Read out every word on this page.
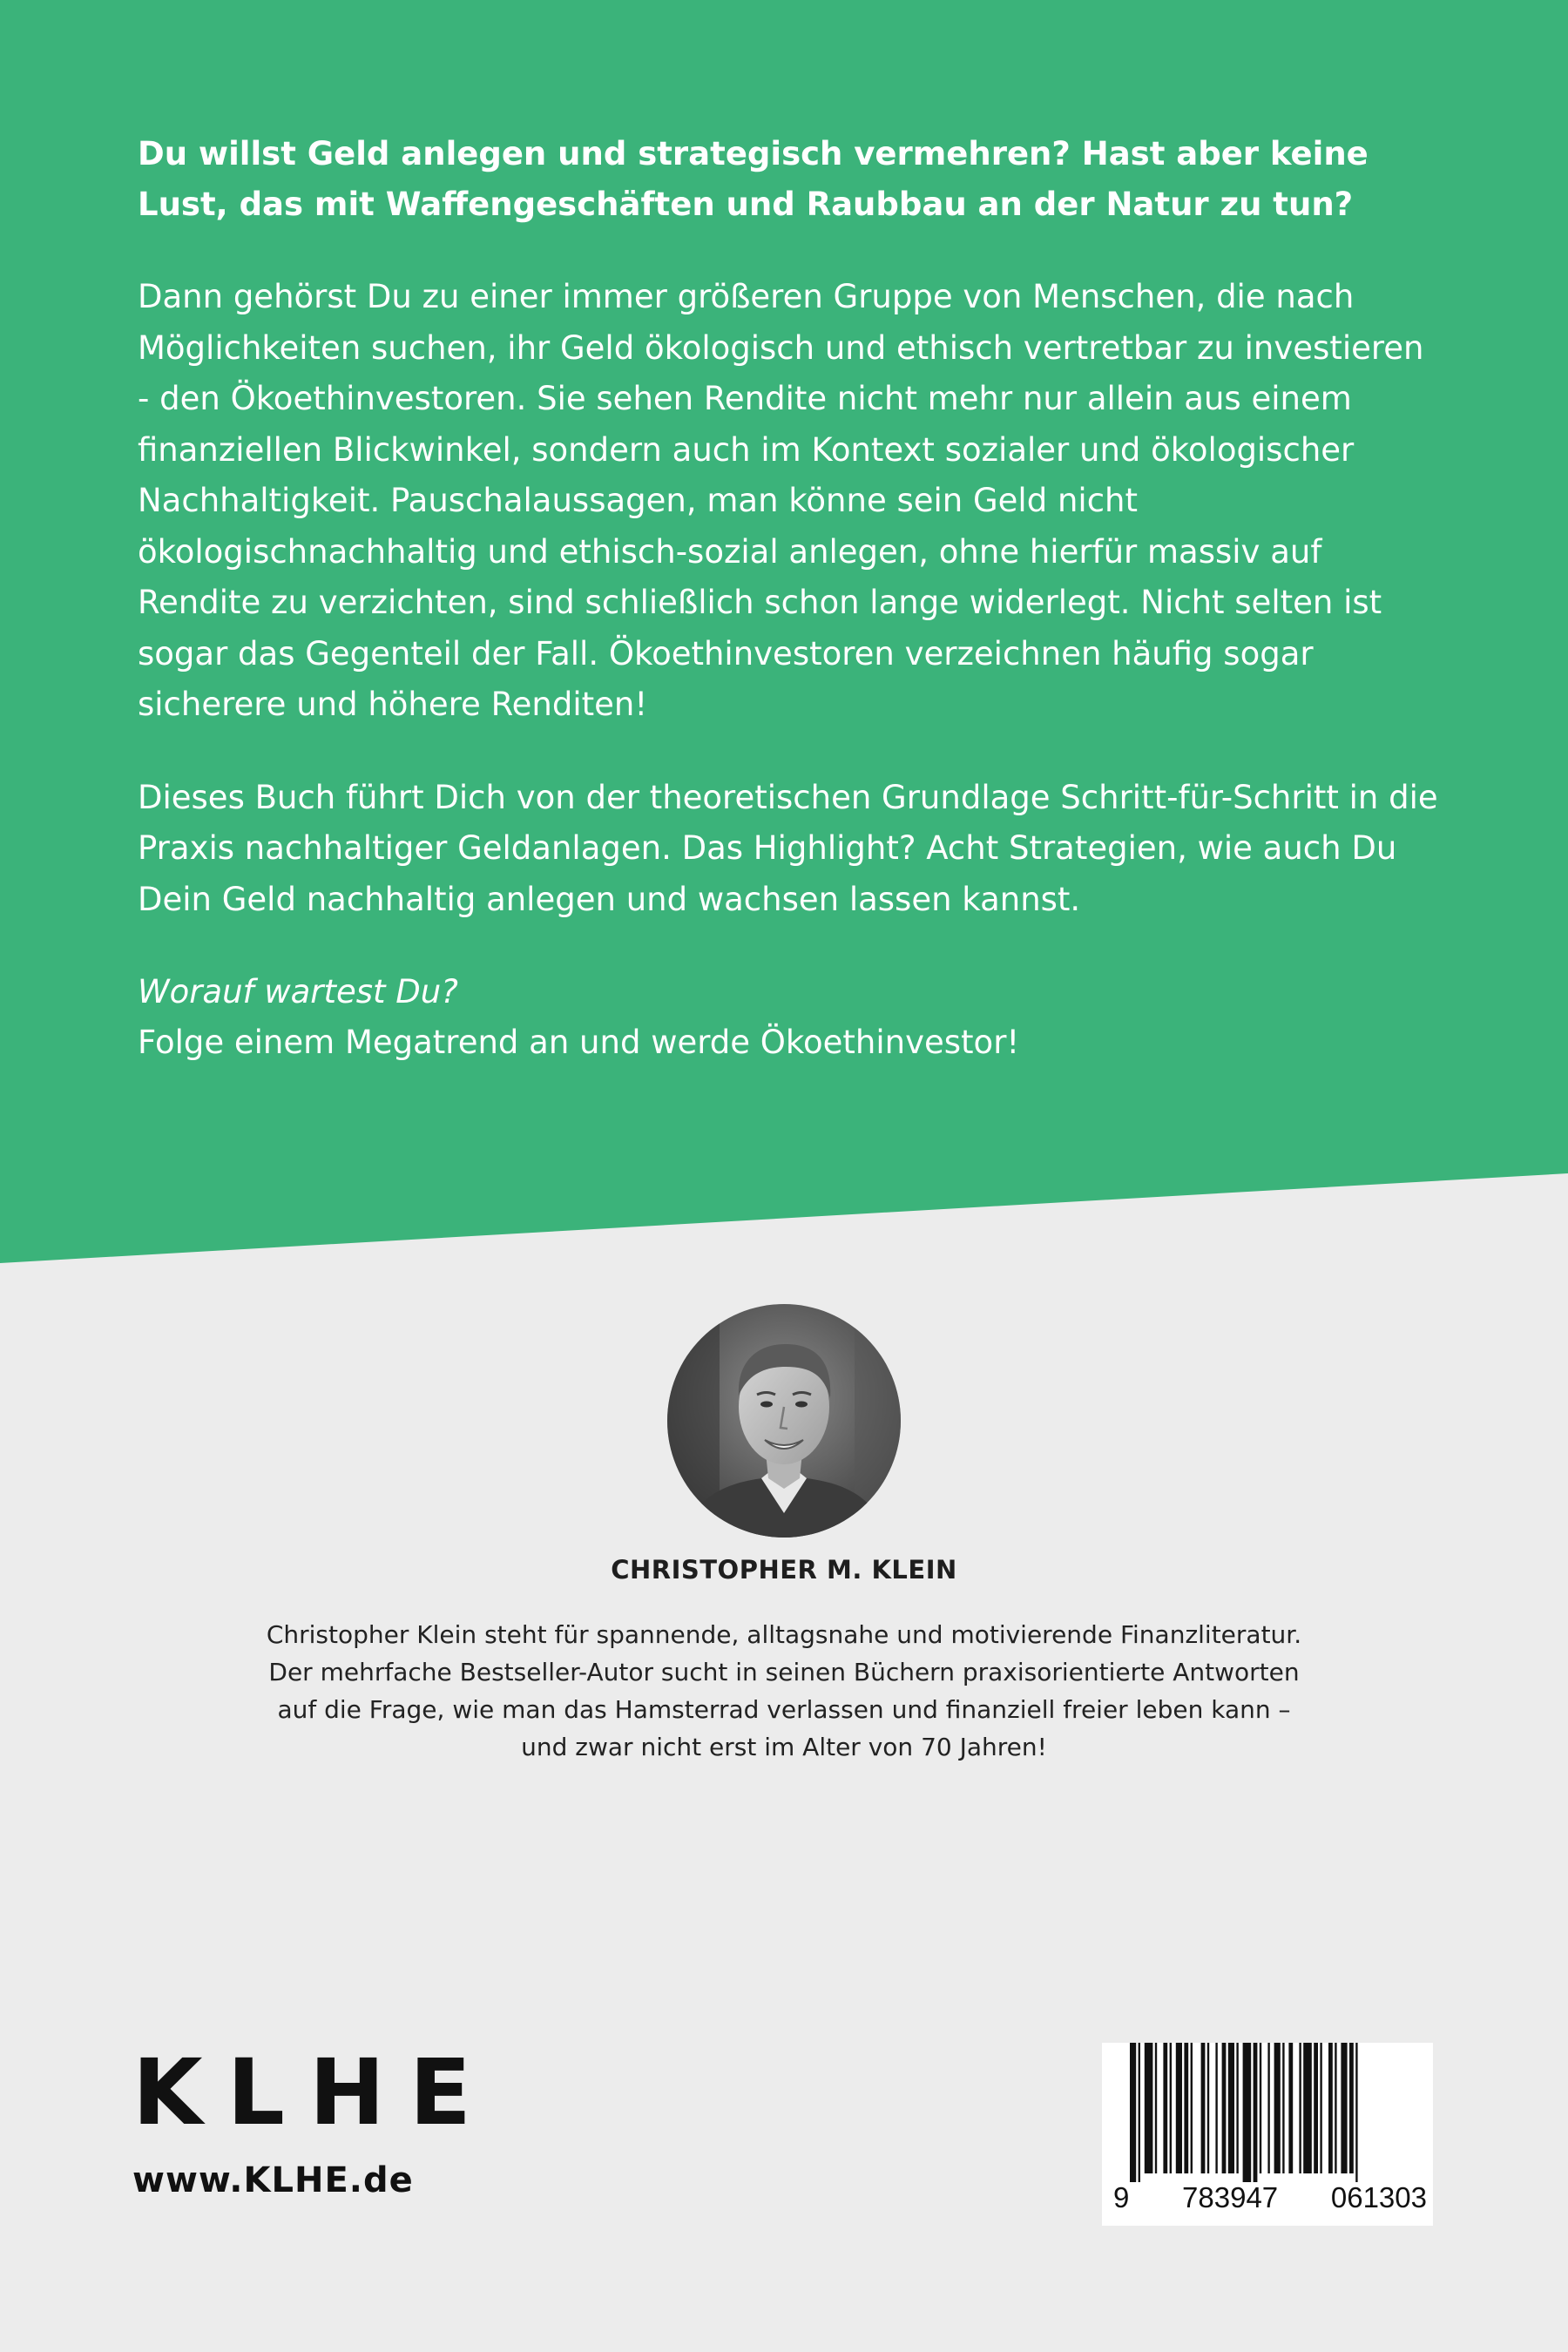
Du willst Geld anlegen und strategisch vermehren? Hast aber keine Lust, das mit Waffengeschäften und Raubbau an der Natur zu tun?

Dann gehörst Du zu einer immer größeren Gruppe von Menschen, die nach Möglichkeiten suchen, ihr Geld ökologisch und ethisch vertretbar zu investieren - den Ökoethinvestoren. Sie sehen Rendite nicht mehr nur allein aus einem finanziellen Blickwinkel, sondern auch im Kontext sozialer und ökologischer Nachhaltigkeit. Pauschalaussagen, man könne sein Geld nicht ökologischnachhaltig und ethisch-sozial anlegen, ohne hierfür massiv auf Rendite zu verzichten, sind schließlich schon lange widerlegt. Nicht selten ist sogar das Gegenteil der Fall. Ökoethinvestoren verzeichnen häufig sogar sicherere und höhere Renditen!

Dieses Buch führt Dich von der theoretischen Grundlage Schritt-für-Schritt in die Praxis nachhaltiger Geldanlagen. Das Highlight? Acht Strategien, wie auch Du Dein Geld nachhaltig anlegen und wachsen lassen kannst.

Worauf wartest Du?

Folge einem Megatrend an und werde Ökoethinvestor!

CHRISTOPHER M. KLEIN

Christopher Klein steht für spannende, alltagsnahe und motivierende Finanzliteratur. Der mehrfache Bestseller-Autor sucht in seinen Büchern praxisorientierte Antworten auf die Frage, wie man das Hamsterrad verlassen und finanziell freier leben kann – und zwar nicht erst im Alter von 70 Jahren!

KLHE
www.KLHE.de	9 783947 061303
